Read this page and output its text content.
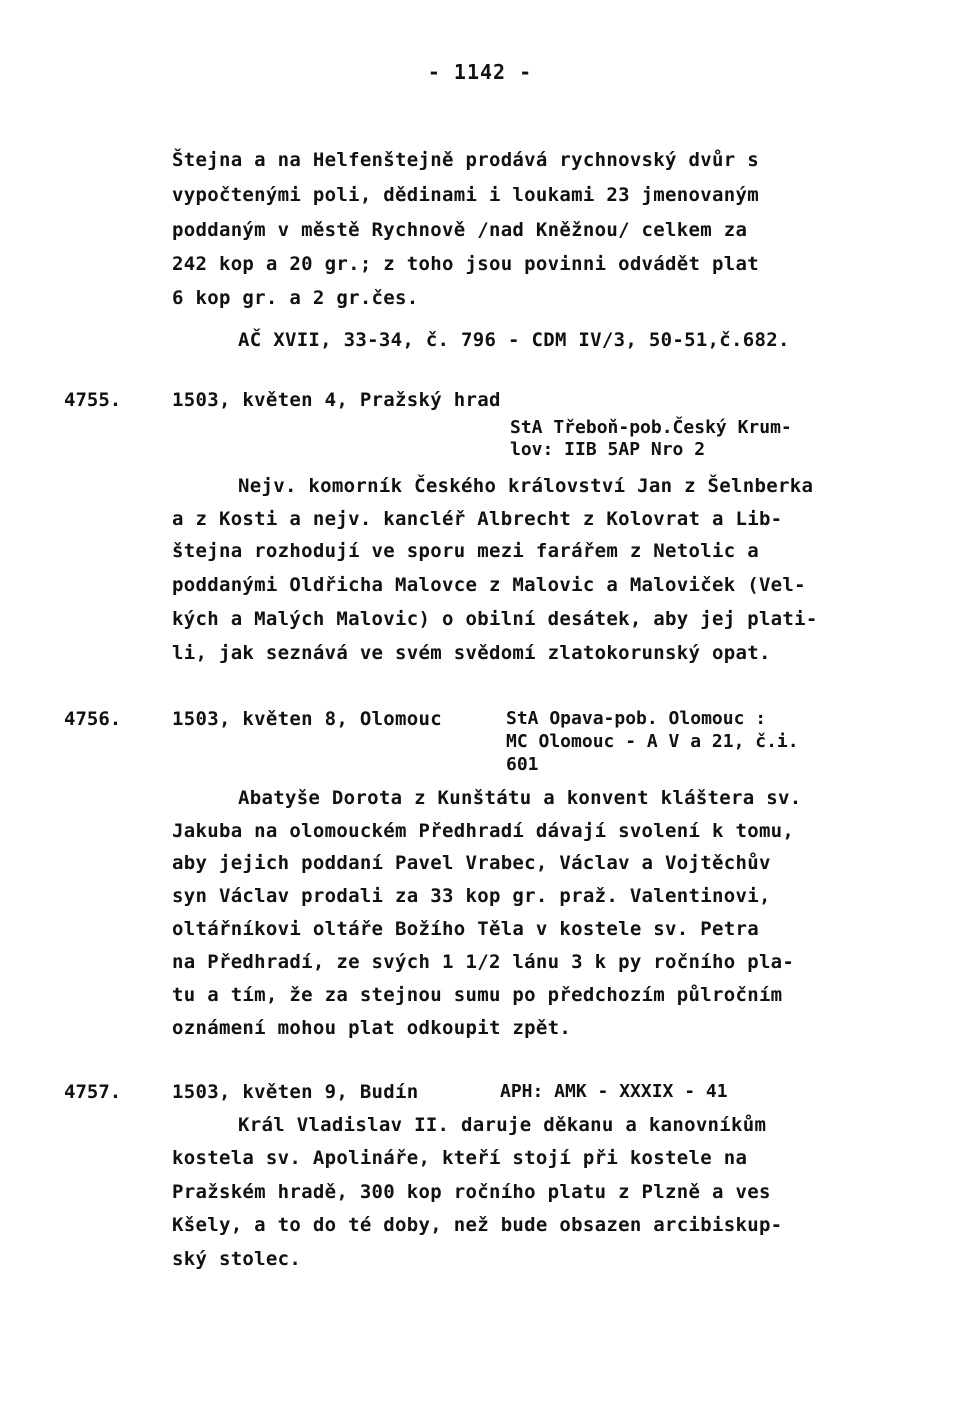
- 1142 -
Štejna a na Helfenštejně prodává rychnovský dvůr s
vypočtenými poli, dědinami i loukami 23 jmenovaným
poddaným v městě Rychnově /nad Kněžnou/ celkem za
242 kop a 20 gr.; z toho jsou povinni odvádět plat
6 kop gr. a 2 gr.čes.
AČ XVII, 33-34, č. 796 - CDM IV/3, 50-51,č.682.
4755.	1503, květen 4, Pražský hrad
StA Třeboň-pob.Český Krum-
lov: IIB 5AP Nro 2
Nejv. komorník Českého království Jan z Šelnberka
a z Kosti a nejv. kancléř Albrecht z Kolovrat a Lib-
štejna rozhodují ve sporu mezi farářem z Netolic a
poddanými Oldřicha Malovce z Malovic a Maloviček (Vel-
kých a Malých Malovic) o obilní desátek, aby jej plati-
li, jak seznává ve svém svědomí zlatokorunský opat.
4756.	1503, květen 8, Olomouc	StA Opava-pob. Olomouc :
MC Olomouc - A V a 21, č.i.
601
Abatyše Dorota z Kunštátu a konvent kláštera sv.
Jakuba na olomouckém Předhradí dávají svolení k tomu,
aby jejich poddaní Pavel Vrabec, Václav a Vojtěchův
syn Václav prodali za 33 kop gr. praž. Valentinovi,
oltářníkovi oltáře Božího Těla v kostele sv. Petra
na Předhradí, ze svých 1 1/2 lánu 3 k py ročního pla-
tu a tím, že za stejnou sumu po předchozím půlročním
oznámení mohou plat odkoupit zpět.
4757.	1503, květen 9, Budín	APH: AMK - XXXIX - 41
Král Vladislav II. daruje děkanu a kanovníkům
kostela sv. Apolináře, kteří stojí při kostele na
Pražském hradě, 300 kop ročního platu z Plzně a ves
Kšely, a to do té doby, než bude obsazen arcibiskup-
ský stolec.
